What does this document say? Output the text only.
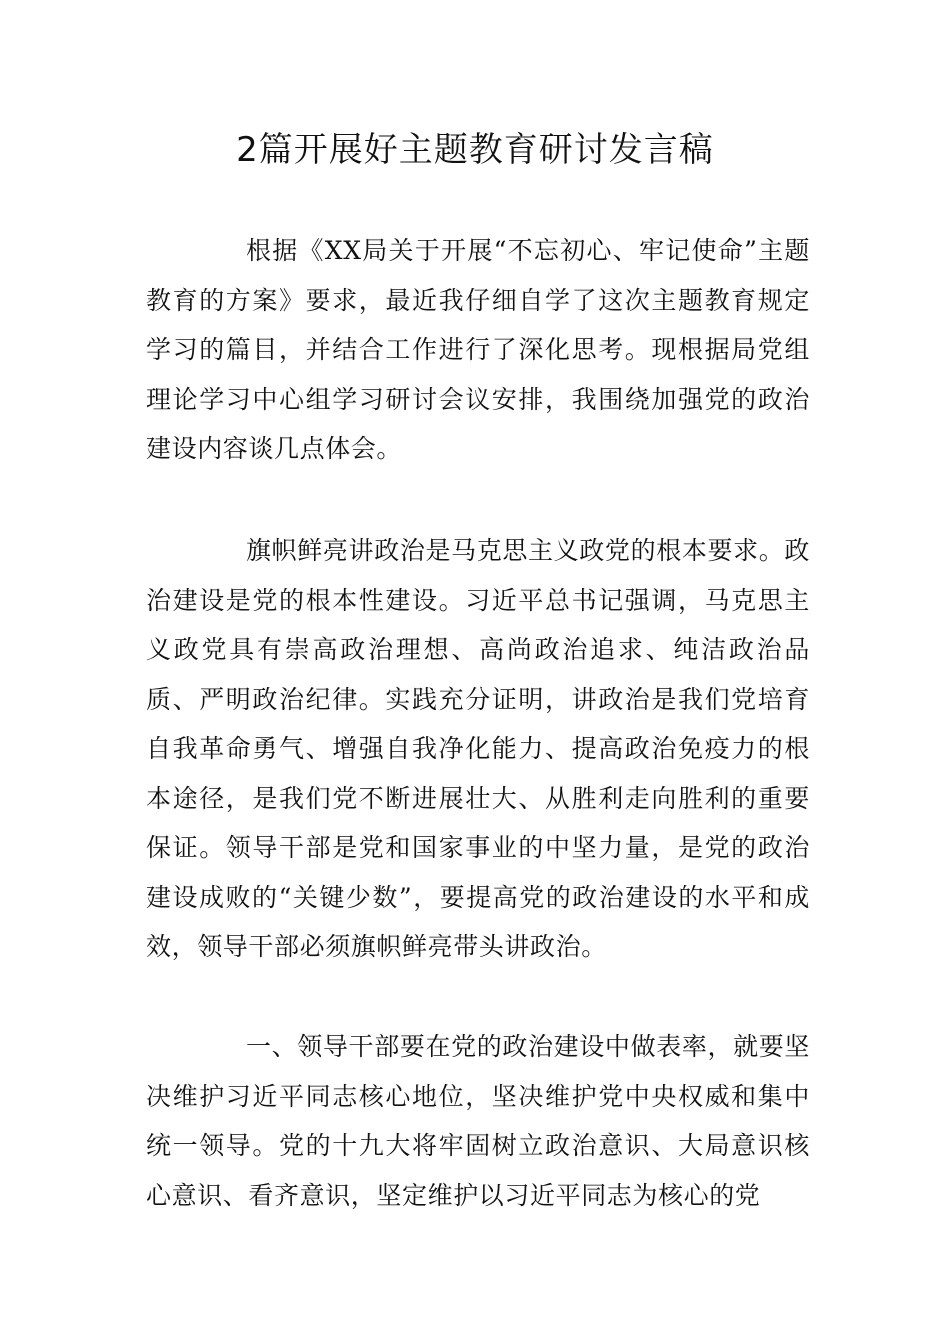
2篇开展好主题教育研讨发言稿

根据《XX局关于开展“不忘初心、牢记使命”主题教育的方案》要求，最近我仔细自学了这次主题教育规定学习的篇目，并结合工作进行了深化思考。现根据局党组理论学习中心组学习研讨会议安排，我围绕加强党的政治建设内容谈几点体会。

旗帜鲜亮讲政治是马克思主义政党的根本要求。政治建设是党的根本性建设。习近平总书记强调，马克思主义政党具有崇高政治理想、高尚政治追求、纯洁政治品质、严明政治纪律。实践充分证明，讲政治是我们党培育自我革命勇气、增强自我净化能力、提高政治免疫力的根本途径，是我们党不断进展壮大、从胜利走向胜利的重要保证。领导干部是党和国家事业的中坚力量，是党的政治建设成败的“关键少数”，要提高党的政治建设的水平和成效，领导干部必须旗帜鲜亮带头讲政治。

一、领导干部要在党的政治建设中做表率，就要坚决维护习近平同志核心地位，坚决维护党中央权威和集中统一领导。党的十九大将牢固树立政治意识、大局意识核心意识、看齐意识，坚定维护以习近平同志为核心的党
